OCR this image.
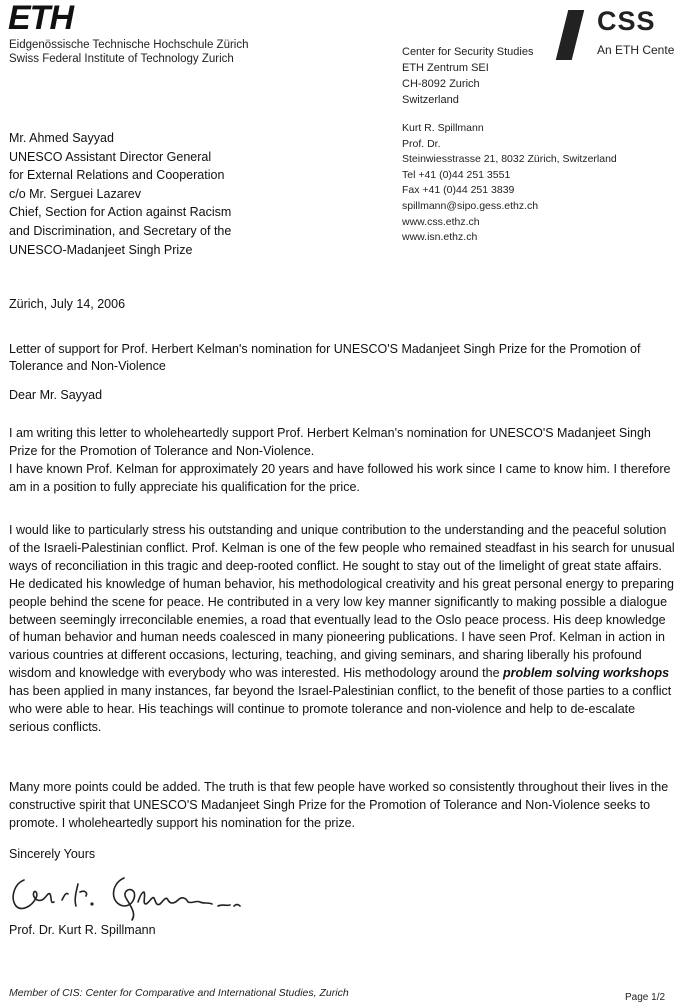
ETH
Eidgenössische Technische Hochschule Zürich
Swiss Federal Institute of Technology Zurich
CSS
An ETH Cente
Center for Security Studies
ETH Zentrum SEI
CH-8092 Zurich
Switzerland
Kurt R. Spillmann
Prof. Dr.
Steinwiesstrasse 21, 8032 Zürich, Switzerland
Tel +41 (0)44 251 3551
Fax +41 (0)44 251 3839
spillmann@sipo.gess.ethz.ch
www.css.ethz.ch
www.isn.ethz.ch
Mr. Ahmed Sayyad
UNESCO Assistant Director General
for External Relations and Cooperation
c/o Mr. Serguei Lazarev
Chief, Section for Action against Racism
and Discrimination, and Secretary of the
UNESCO-Madanjeet Singh Prize
Zürich, July 14, 2006
Letter of support for Prof. Herbert Kelman's nomination for UNESCO'S Madanjeet Singh Prize for the Promotion of Tolerance and Non-Violence
Dear Mr. Sayyad
I am writing this letter to wholeheartedly support Prof. Herbert Kelman's nomination for UNESCO'S Madanjeet Singh Prize for the Promotion of Tolerance and Non-Violence.
I have known Prof. Kelman for approximately 20 years and have followed his work since I came to know him. I therefore am in a position to fully appreciate his qualification for the price.
I would like to particularly stress his outstanding and unique contribution to the understanding and the peaceful solution of the Israeli-Palestinian conflict. Prof. Kelman is one of the few people who remained steadfast in his search for unusual ways of reconciliation in this tragic and deep-rooted conflict. He sought to stay out of the limelight of great state affairs. He dedicated his knowledge of human behavior, his methodological creativity and his great personal energy to preparing people behind the scene for peace. He contributed in a very low key manner significantly to making possible a dialogue between seemingly irreconcilable enemies, a road that eventually lead to the Oslo peace process. His deep knowledge of human behavior and human needs coalesced in many pioneering publications. I have seen Prof. Kelman in action in various countries at different occasions, lecturing, teaching, and giving seminars, and sharing liberally his profound wisdom and knowledge with everybody who was interested. His methodology around the problem solving workshops has been applied in many instances, far beyond the Israel-Palestinian conflict, to the benefit of those parties to a conflict who were able to hear. His teachings will continue to promote tolerance and non-violence and help to de-escalate serious conflicts.
Many more points could be added. The truth is that few people have worked so consistently throughout their lives in the constructive spirit that UNESCO'S Madanjeet Singh Prize for the Promotion of Tolerance and Non-Violence seeks to promote. I wholeheartedly support his nomination for the prize.
Sincerely Yours
Prof. Dr. Kurt R. Spillmann
Member of CIS: Center for Comparative and International Studies, Zurich	Page 1/2
